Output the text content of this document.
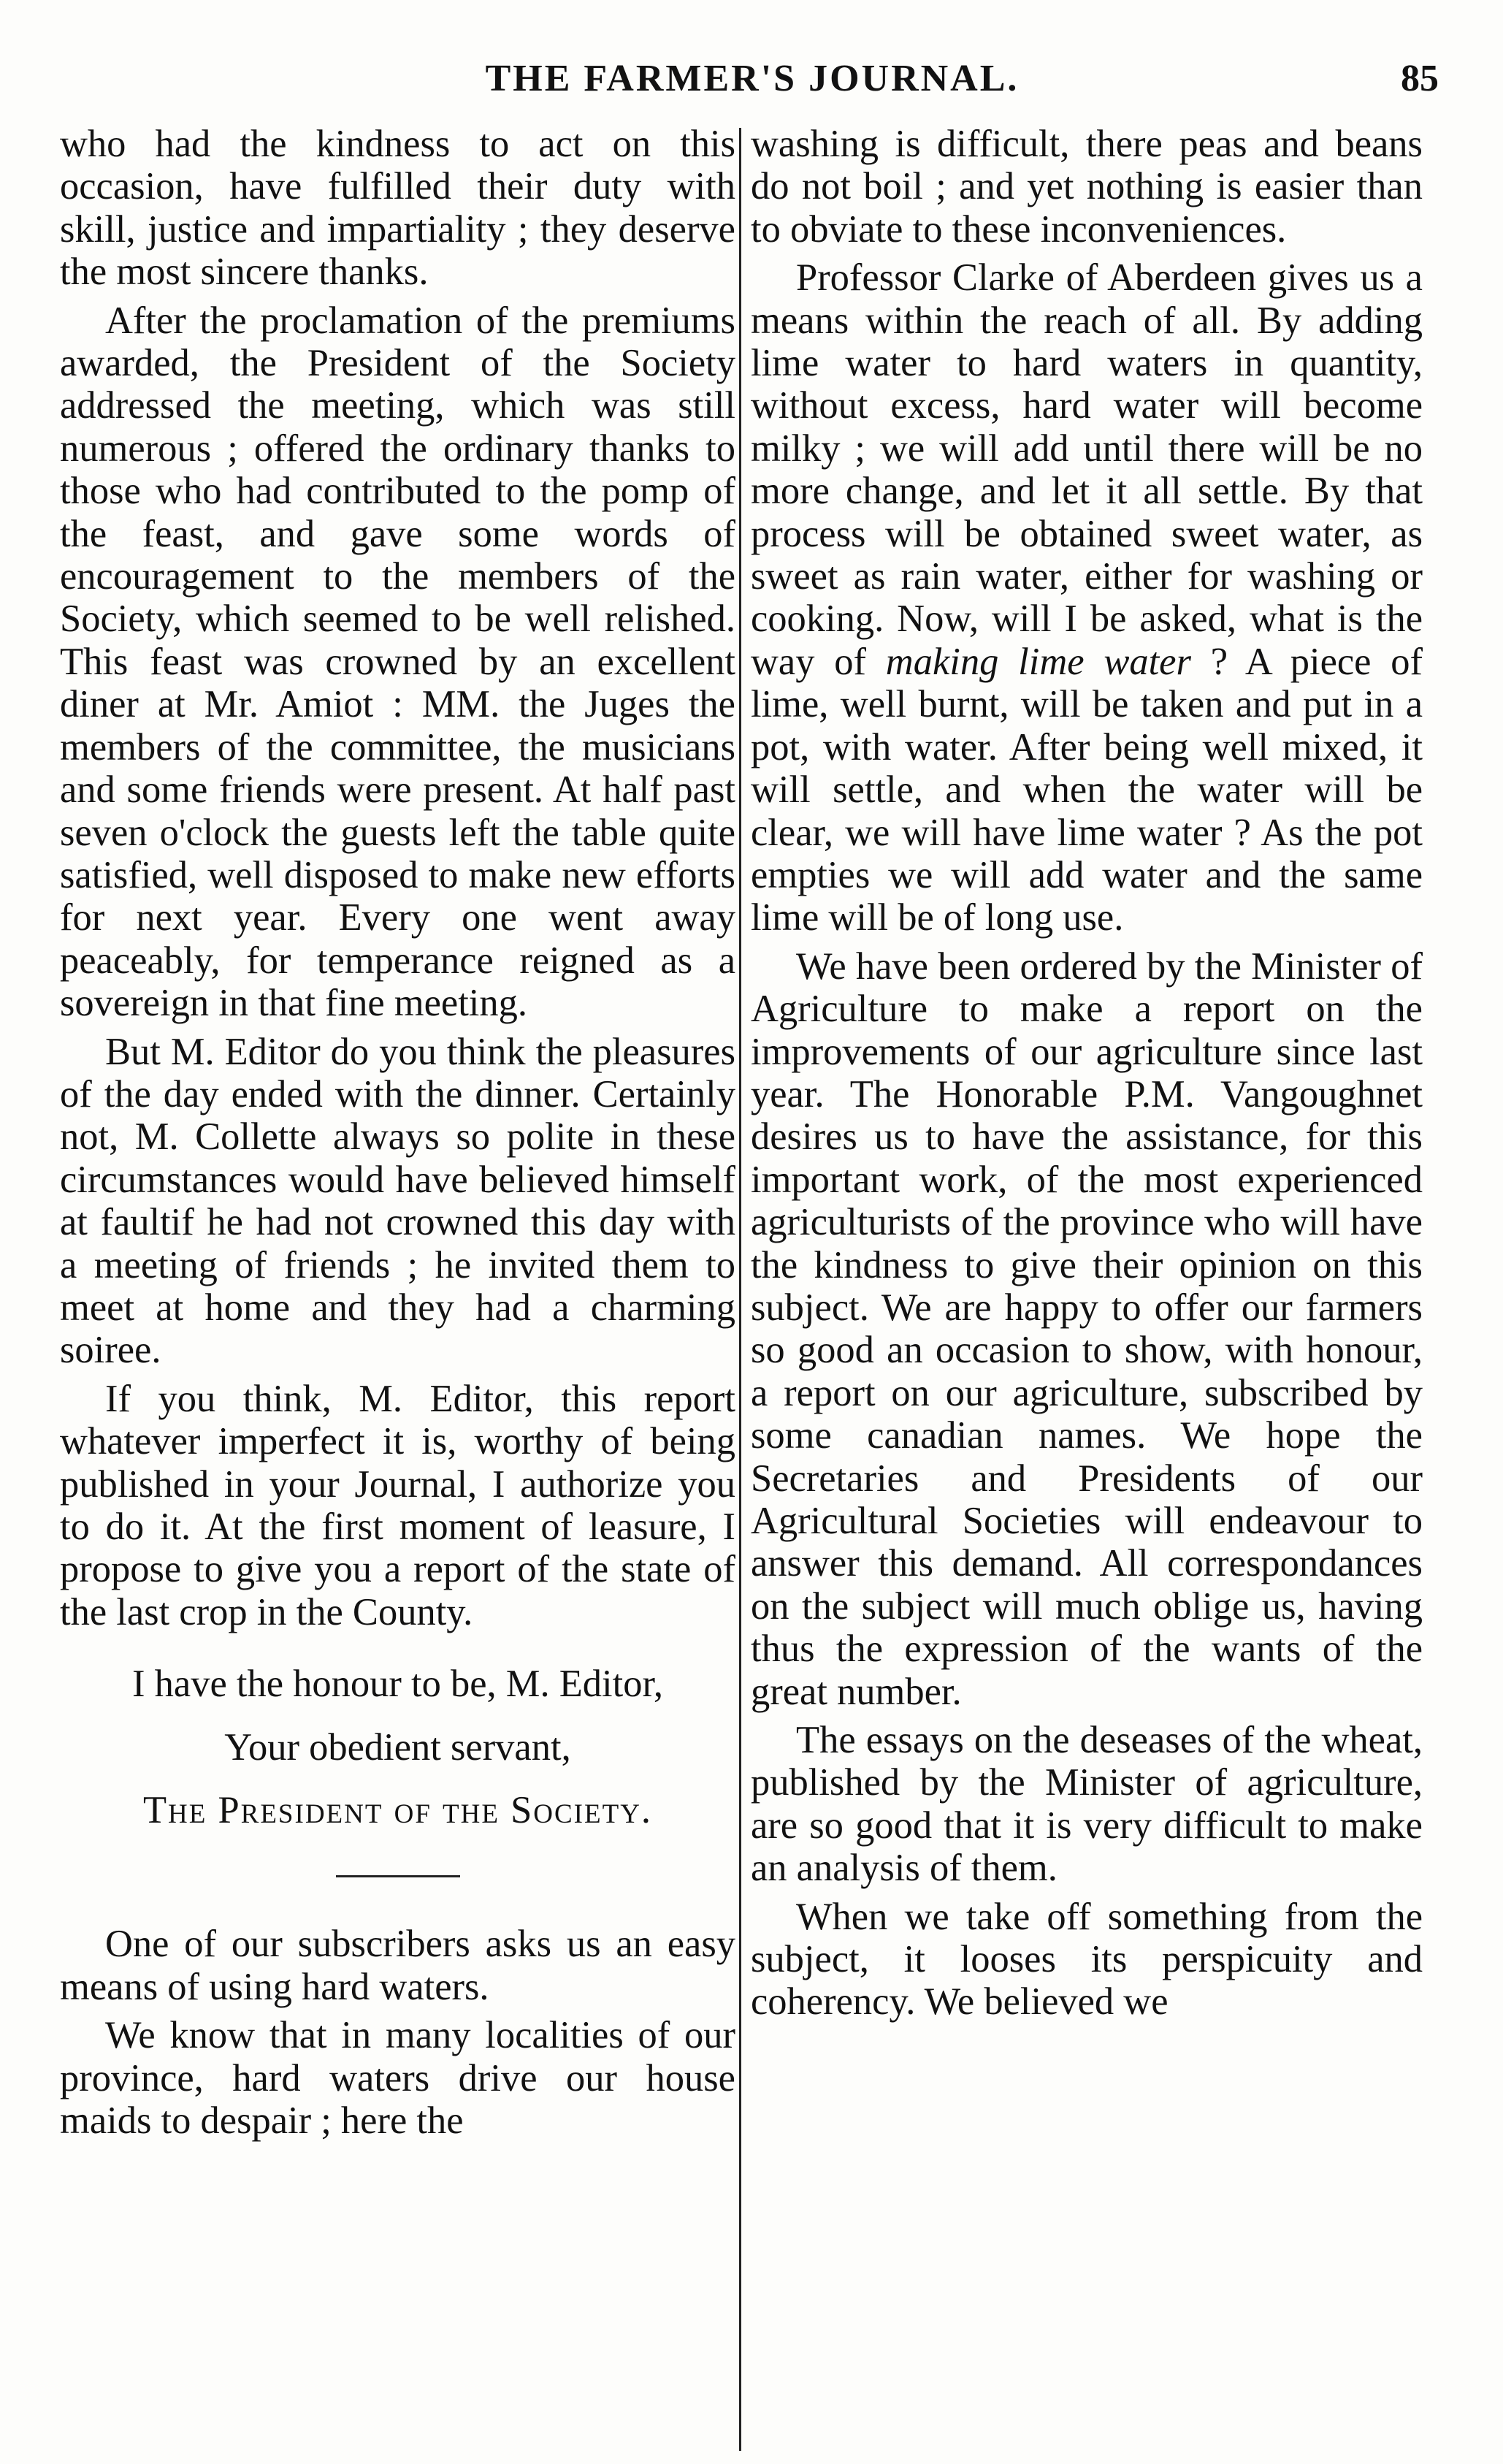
THE FARMER'S JOURNAL.	85

who had the kindness to act on this occasion, have fulfilled their duty with skill, justice and impartiality ; they deserve the most sincere thanks.

After the proclamation of the premiums awarded, the President of the Society addressed the meeting, which was still numerous ; offered the ordinary thanks to those who had contributed to the pomp of the feast, and gave some words of encouragement to the members of the Society, which seemed to be well relished. This feast was crowned by an excellent diner at Mr. Amiot : MM. the Juges the members of the committee, the musicians and some friends were present. At half past seven o'clock the guests left the table quite satisfied, well disposed to make new efforts for next year. Every one went away peaceably, for temperance reigned as a sovereign in that fine meeting.

But M. Editor do you think the pleasures of the day ended with the dinner. Certainly not, M. Collette always so polite in these circumstances would have believed himself at faultif he had not crowned this day with a meeting of friends ; he invited them to meet at home and they had a charming soiree.

If you think, M. Editor, this report whatever imperfect it is, worthy of being published in your Journal, I authorize you to do it. At the first moment of leasure, I propose to give you a report of the state of the last crop in the County.

I have the honour to be, M. Editor,
Your obedient servant,
The President of the Society.

One of our subscribers asks us an easy means of using hard waters.

We know that in many localities of our province, hard waters drive our house maids to despair ; here the

washing is difficult, there peas and beans do not boil ; and yet nothing is easier than to obviate to these inconveniences.

Professor Clarke of Aberdeen gives us a means within the reach of all. By adding lime water to hard waters in quantity, without excess, hard water will become milky ; we will add until there will be no more change, and let it all settle. By that process will be obtained sweet water, as sweet as rain water, either for washing or cooking. Now, will I be asked, what is the way of making lime water ? A piece of lime, well burnt, will be taken and put in a pot, with water. After being well mixed, it will settle, and when the water will be clear, we will have lime water ? As the pot empties we will add water and the same lime will be of long use.

We have been ordered by the Minister of Agriculture to make a report on the improvements of our agriculture since last year. The Honorable P.M. Vangoughnet desires us to have the assistance, for this important work, of the most experienced agriculturists of the province who will have the kindness to give their opinion on this subject. We are happy to offer our farmers so good an occasion to show, with honour, a report on our agriculture, subscribed by some canadian names. We hope the Secretaries and Presidents of our Agricultural Societies will endeavour to answer this demand. All correspondances on the subject will much oblige us, having thus the expression of the wants of the great number.

The essays on the deseases of the wheat, published by the Minister of agriculture, are so good that it is very difficult to make an analysis of them.

When we take off something from the subject, it looses its perspicuity and coherency. We believed we
